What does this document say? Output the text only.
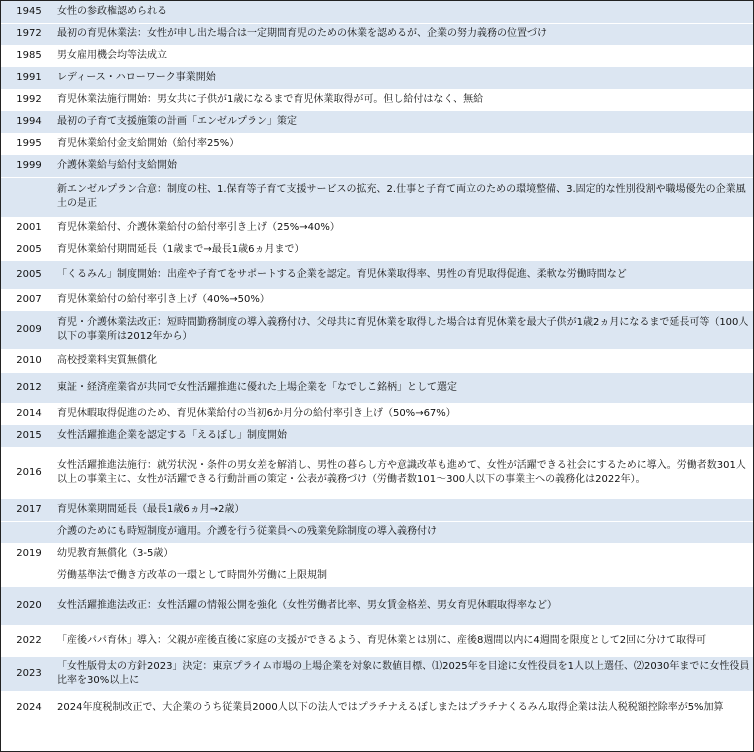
1945	女性の参政権認められる
1972	最初の育児休業法：女性が申し出た場合は一定期間育児のための休業を認めるが、企業の努力義務の位置づけ
1985	男女雇用機会均等法成立
1991	レディース・ハローワーク事業開始
1992	育児休業法施行開始：男女共に子供が1歳になるまで育児休業取得が可。但し給付はなく、無給
1994	最初の子育て支援施策の計画「エンゼルプラン」策定
1995	育児休業給付金支給開始（給付率25%）
1999	介護休業給与給付支給開始
	新エンゼルプラン合意：制度の柱、1.保育等子育て支援サービスの拡充、2.仕事と子育て両立のための環境整備、3.固定的な性別役割や職場優先の企業風土の是正
2001	育児休業給付、介護休業給付の給付率引き上げ（25%→40%）
2005	育児休業給付期間延長（1歳まで→最長1歳6ヵ月まで）
2005	「くるみん」制度開始：出産や子育てをサポートする企業を認定。育児休業取得率、男性の育児取得促進、柔軟な労働時間など
2007	育児休業給付の給付率引き上げ（40%→50%）
2009	育児・介護休業法改正：短時間勤務制度の導入義務付け、父母共に育児休業を取得した場合は育児休業を最大子供が1歳2ヵ月になるまで延長可等（100人以下の事業所は2012年から）
2010	高校授業料実質無償化
2012	東証・経済産業省が共同で女性活躍推進に優れた上場企業を「なでしこ銘柄」として選定
2014	育児休暇取得促進のため、育児休業給付の当初6か月分の給付率引き上げ（50%→67%）
2015	女性活躍推進企業を認定する「えるぼし」制度開始
2016	女性活躍推進法施行：就労状況・条件の男女差を解消し、男性の暮らし方や意識改革も進めて、女性が活躍できる社会にするために導入。労働者数301人以上の事業主に、女性が活躍できる行動計画の策定・公表が義務づけ（労働者数101～300人以下の事業主への義務化は2022年）。
2017	育児休業期間延長（最長1歳6ヵ月→2歳）
	介護のためにも時短制度が適用。介護を行う従業員への残業免除制度の導入義務付け
2019	幼児教育無償化（3-5歳）
	労働基準法で働き方改革の一環として時間外労働に上限規制
2020	女性活躍推進法改正：女性活躍の情報公開を強化（女性労働者比率、男女賃金格差、男女育児休暇取得率など）
2022	「産後パパ育休」導入：父親が産後直後に家庭の支援ができるよう、育児休業とは別に、産後8週間以内に4週間を限度として2回に分けて取得可
2023	「女性版骨太の方針2023」決定：東京プライム市場の上場企業を対象に数値目標、⑴2025年を目途に女性役員を1人以上選任、⑵2030年までに女性役員比率を30%以上に
2024	2024年度税制改正で、大企業のうち従業員2000人以下の法人ではプラチナえるぼしまたはプラチナくるみん取得企業は法人税税額控除率が5%加算
